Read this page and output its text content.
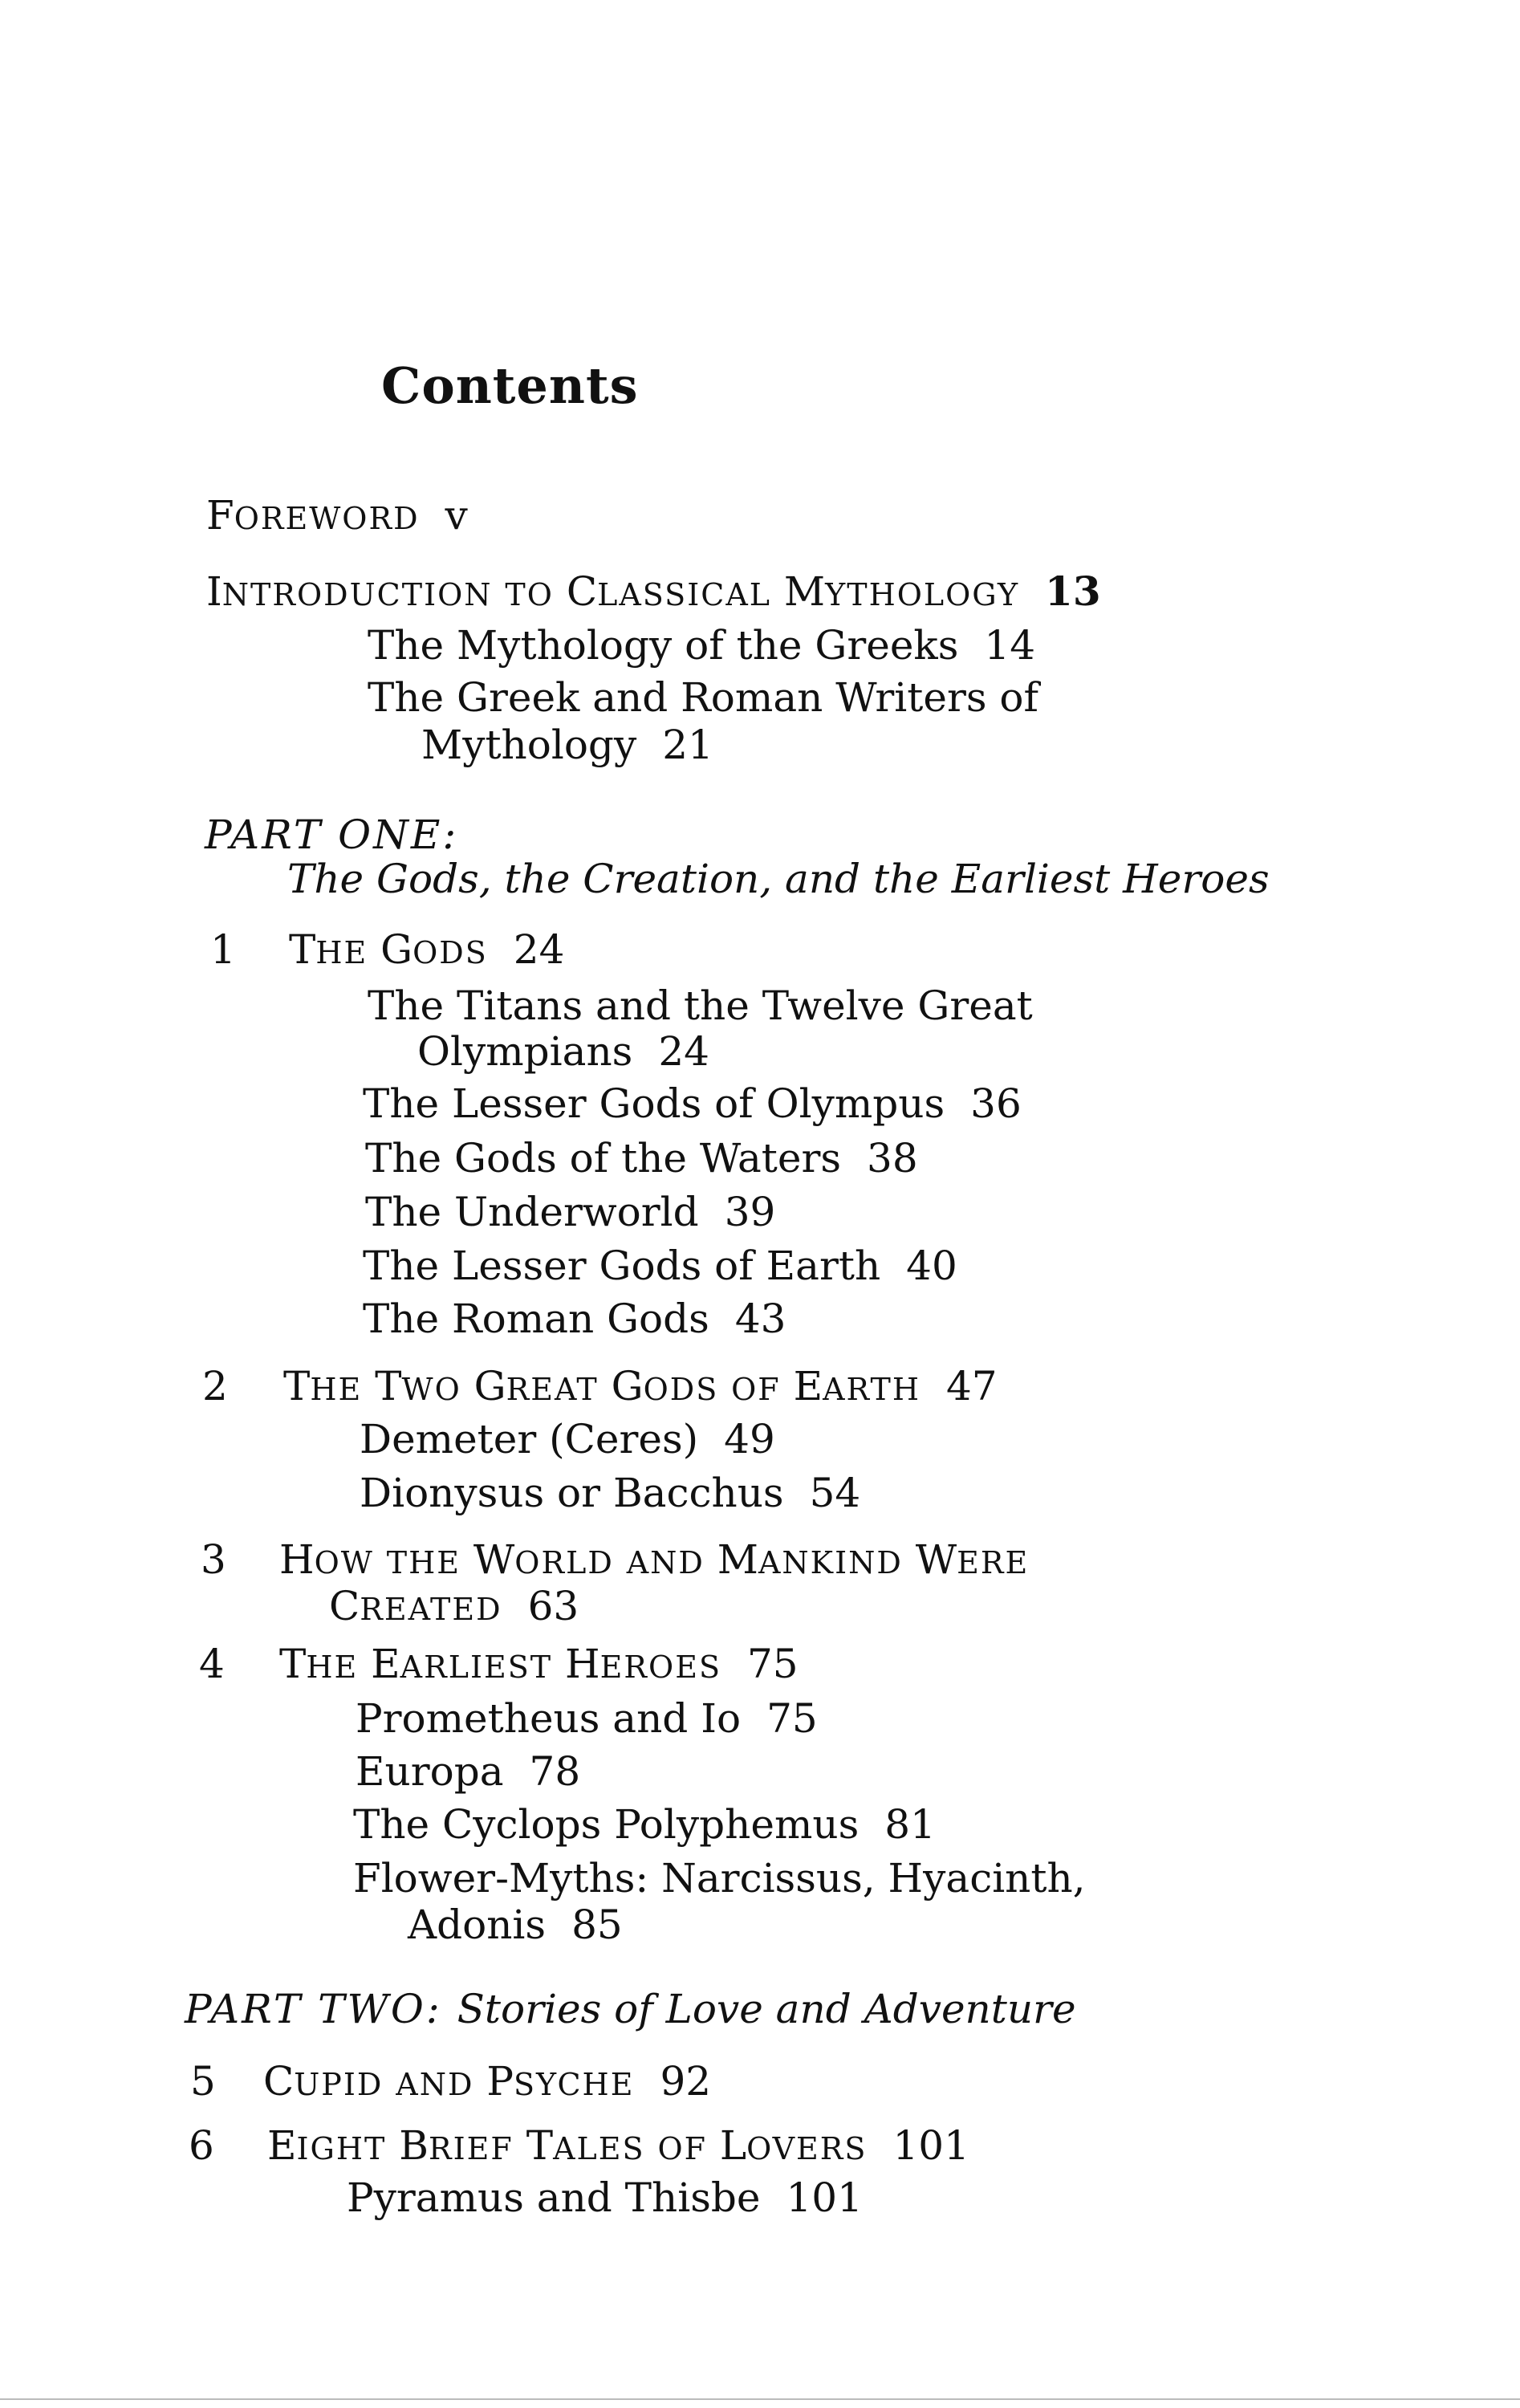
Contents
FOREWORD v
INTRODUCTION TO CLASSICAL MYTHOLOGY 13
The Mythology of the Greeks 14
The Greek and Roman Writers of
Mythology 21
PART ONE:
The Gods, the Creation, and the Earliest Heroes
1 THE GODS 24
The Titans and the Twelve Great
Olympians 24
The Lesser Gods of Olympus 36
The Gods of the Waters 38
The Underworld 39
The Lesser Gods of Earth 40
The Roman Gods 43
2 THE TWO GREAT GODS OF EARTH 47
Demeter (Ceres) 49
Dionysus or Bacchus 54
3 HOW THE WORLD AND MANKIND WERE
CREATED 63
4 THE EARLIEST HEROES 75
Prometheus and Io 75
Europa 78
The Cyclops Polyphemus 81
Flower-Myths: Narcissus, Hyacinth,
Adonis 85
PART TWO: Stories of Love and Adventure
5 CUPID AND PSYCHE 92
6 EIGHT BRIEF TALES OF LOVERS 101
Pyramus and Thisbe 101
